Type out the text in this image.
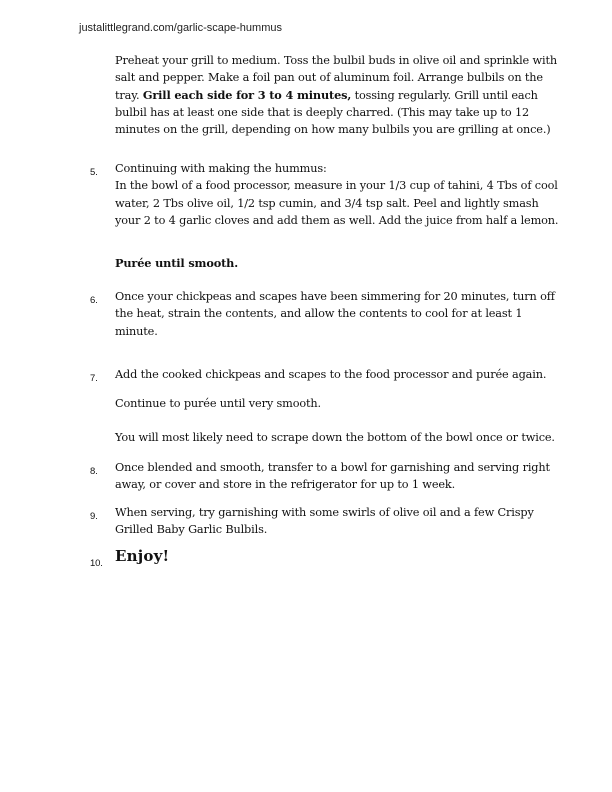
justalittlegrand.com/garlic-scape-hummus

Preheat your grill to medium. Toss the bulbil buds in olive oil and sprinkle with salt and pepper. Make a foil pan out of aluminum foil. Arrange bulbils on the tray. Grill each side for 3 to 4 minutes, tossing regularly. Grill until each bulbil has at least one side that is deeply charred. (This may take up to 12 minutes on the grill, depending on how many bulbils you are grilling at once.)

5. Continuing with making the hummus:
In the bowl of a food processor, measure in your 1/3 cup of tahini, 4 Tbs of cool water, 2 Tbs olive oil, 1/2 tsp cumin, and 3/4 tsp salt. Peel and lightly smash your 2 to 4 garlic cloves and add them as well. Add the juice from half a lemon.

Purée until smooth.

6. Once your chickpeas and scapes have been simmering for 20 minutes, turn off the heat, strain the contents, and allow the contents to cool for at least 1 minute.

7. Add the cooked chickpeas and scapes to the food processor and purée again.

Continue to purée until very smooth.

You will most likely need to scrape down the bottom of the bowl once or twice.

8. Once blended and smooth, transfer to a bowl for garnishing and serving right away, or cover and store in the refrigerator for up to 1 week.

9. When serving, try garnishing with some swirls of olive oil and a few Crispy Grilled Baby Garlic Bulbils.

10. Enjoy!
